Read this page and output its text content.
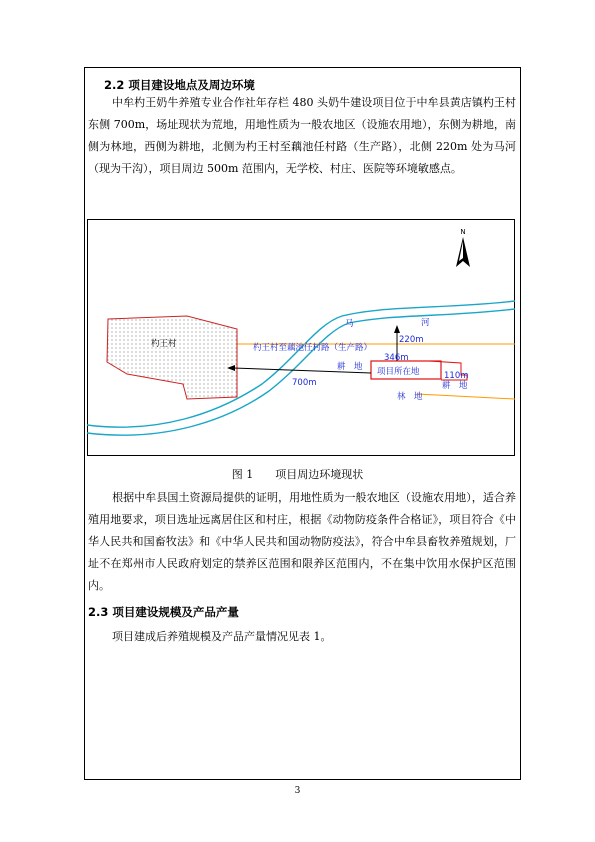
2.2 项目建设地点及周边环境

中牟杓王奶牛养殖专业合作社年存栏 480 头奶牛建设项目位于中牟县黄店镇杓王村东侧 700m，场址现状为荒地，用地性质为一般农地区（设施农用地），东侧为耕地，南侧为林地，西侧为耕地，北侧为杓王村至藕池任村路（生产路），北侧 220m 处为马河（现为干沟），项目周边 500m 范围内，无学校、村庄、医院等环境敏感点。

杓王村
项目所在地
马	河
220m
杓王村至藕池任村路（生产路）
346m
耕　地
110m
耕　地
700m
林　地
N
图 1　　项目周边环境现状

根据中牟县国土资源局提供的证明，用地性质为一般农地区（设施农用地），适合养殖用地要求，项目选址远离居住区和村庄，根据《动物防疫条件合格证》，项目符合《中华人民共和国畜牧法》和《中华人民共和国动物防疫法》，符合中牟县畜牧养殖规划，厂址不在郑州市人民政府划定的禁养区范围和限养区范围内，不在集中饮用水保护区范围内。

2.3 项目建设规模及产品产量

项目建成后养殖规模及产品产量情况见表 1。

3
